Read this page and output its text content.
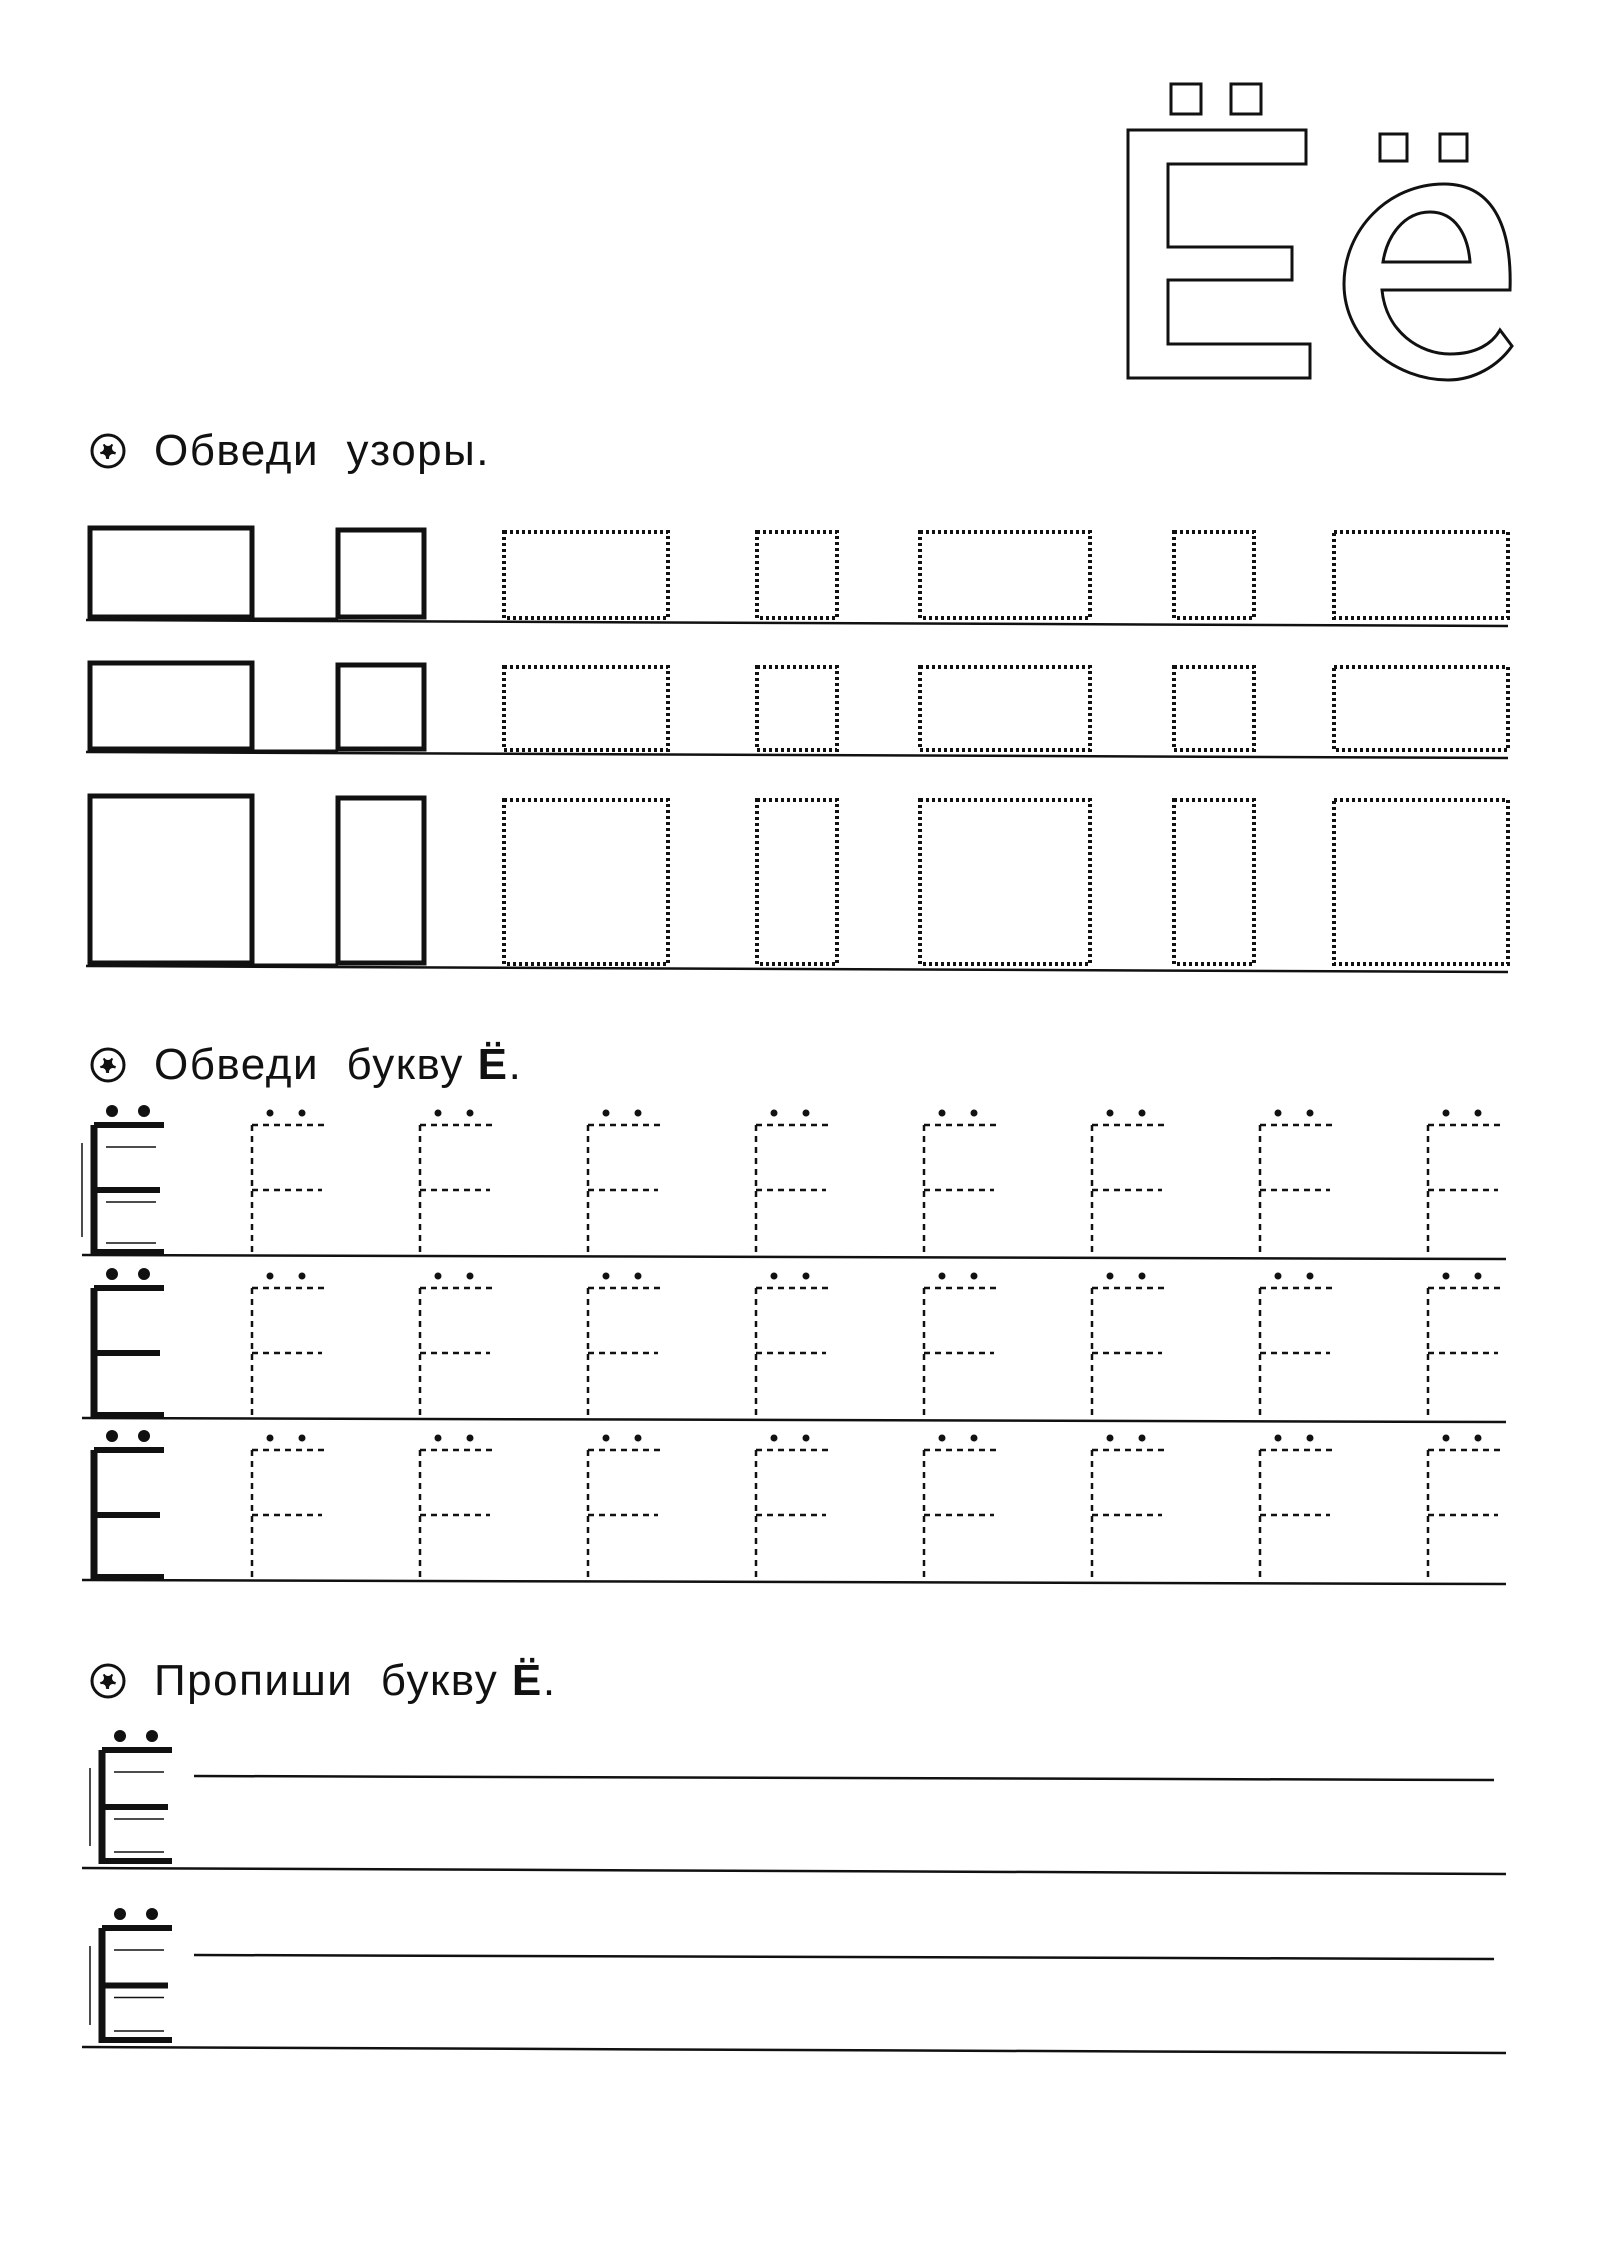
Обведи  узоры.
Обведи  букву Ё .
Пропиши  букву Ё .
